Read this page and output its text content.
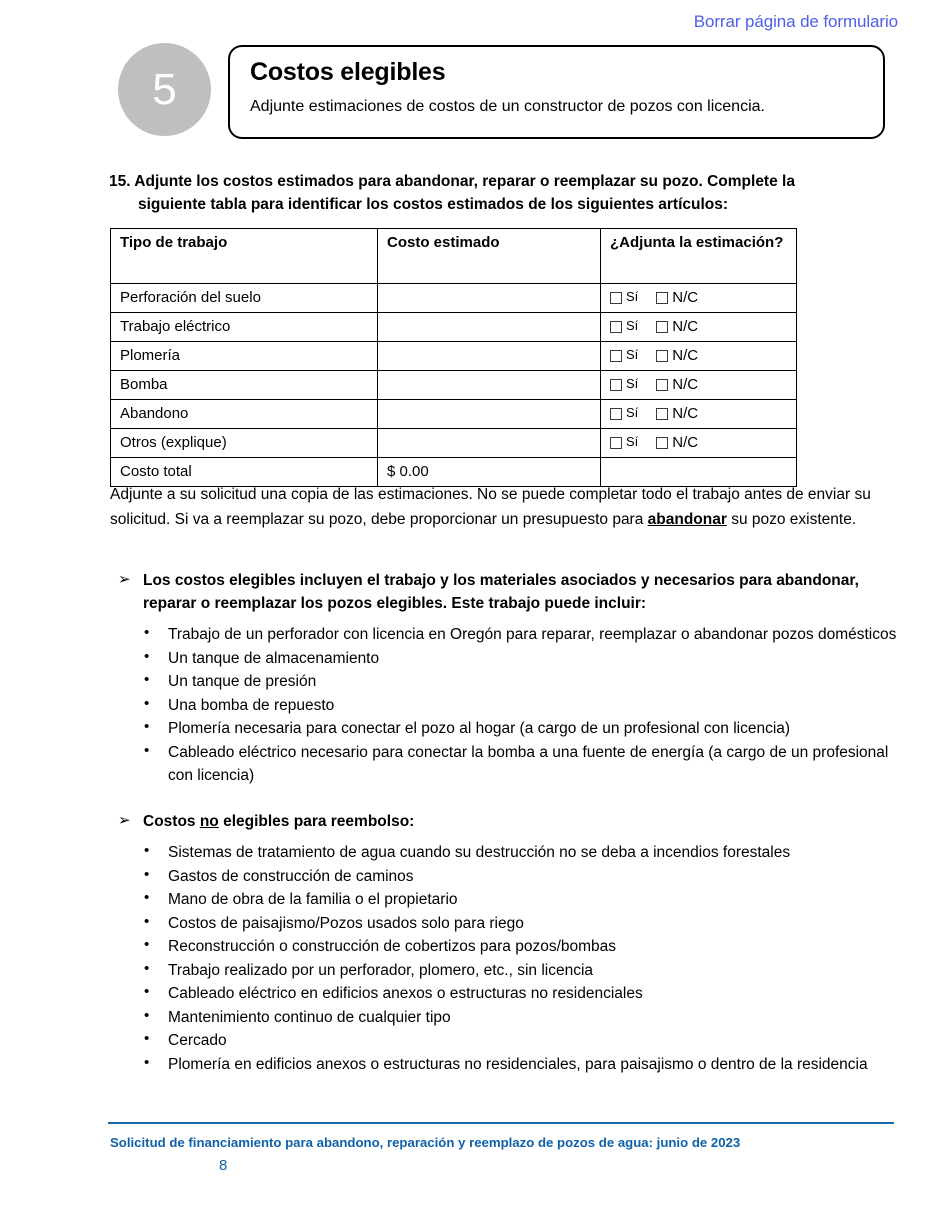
Borrar página de formulario
5	Costos elegibles
Adjunte estimaciones de costos de un constructor de pozos con licencia.
15. Adjunte los costos estimados para abandonar, reparar o reemplazar su pozo. Complete la
siguiente tabla para identificar los costos estimados de los siguientes artículos:
Tipo de trabajo	Costo estimado	¿Adjunta la estimación?
Perforación del suelo		Sí N/C

Trabajo eléctrico		Sí N/C

Plomería		Sí N/C

Bomba		Sí N/C

Abandono		Sí N/C

Otros (explique)		Sí N/C

Costo total	$ 0.00	
Adjunte a su solicitud una copia de las estimaciones. No se puede completar todo el trabajo antes de enviar su solicitud. Si va a reemplazar su pozo, debe proporcionar un presupuesto para abandonar su pozo existente.
➢ Los costos elegibles incluyen el trabajo y los materiales asociados y necesarios para abandonar, reparar o reemplazar los pozos elegibles. Este trabajo puede incluir:
• Trabajo de un perforador con licencia en Oregón para reparar, reemplazar o abandonar pozos domésticos
• Un tanque de almacenamiento
• Un tanque de presión
• Una bomba de repuesto
• Plomería necesaria para conectar el pozo al hogar (a cargo de un profesional con licencia)
• Cableado eléctrico necesario para conectar la bomba a una fuente de energía (a cargo de un profesional con licencia)
➢ Costos no elegibles para reembolso:
• Sistemas de tratamiento de agua cuando su destrucción no se deba a incendios forestales
• Gastos de construcción de caminos
• Mano de obra de la familia o el propietario
• Costos de paisajismo/Pozos usados solo para riego
• Reconstrucción o construcción de cobertizos para pozos/bombas
• Trabajo realizado por un perforador, plomero, etc., sin licencia
• Cableado eléctrico en edificios anexos o estructuras no residenciales
• Mantenimiento continuo de cualquier tipo
• Cercado
• Plomería en edificios anexos o estructuras no residenciales, para paisajismo o dentro de la residencia
Solicitud de financiamiento para abandono, reparación y reemplazo de pozos de agua: junio de 2023
8
